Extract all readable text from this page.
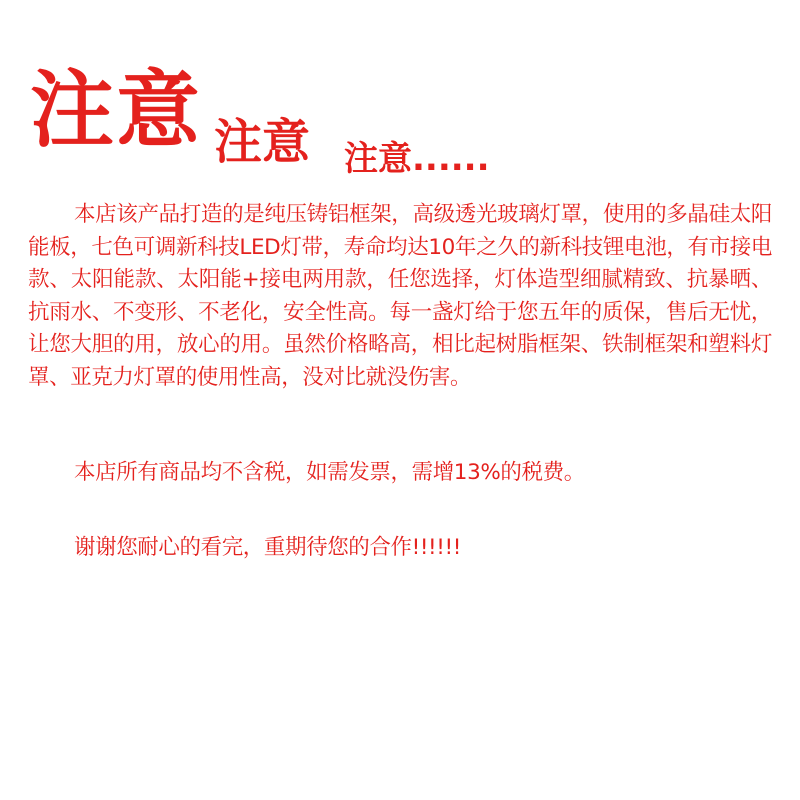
注意 注意 注意......

本店该产品打造的是纯压铸铝框架，高级透光玻璃灯罩，使用的多晶硅太阳能板，七色可调新科技LED灯带，寿命均达10年之久的新科技锂电池，有市接电款、太阳能款、太阳能+接电两用款，任您选择，灯体造型细腻精致、抗暴晒、抗雨水、不变形、不老化，安全性高。每一盏灯给于您五年的质保，售后无忧，让您大胆的用，放心的用。虽然价格略高，相比起树脂框架、铁制框架和塑料灯罩、亚克力灯罩的使用性高，没对比就没伤害。

本店所有商品均不含税，如需发票，需增13%的税费。

谢谢您耐心的看完，重期待您的合作!!!!!!
